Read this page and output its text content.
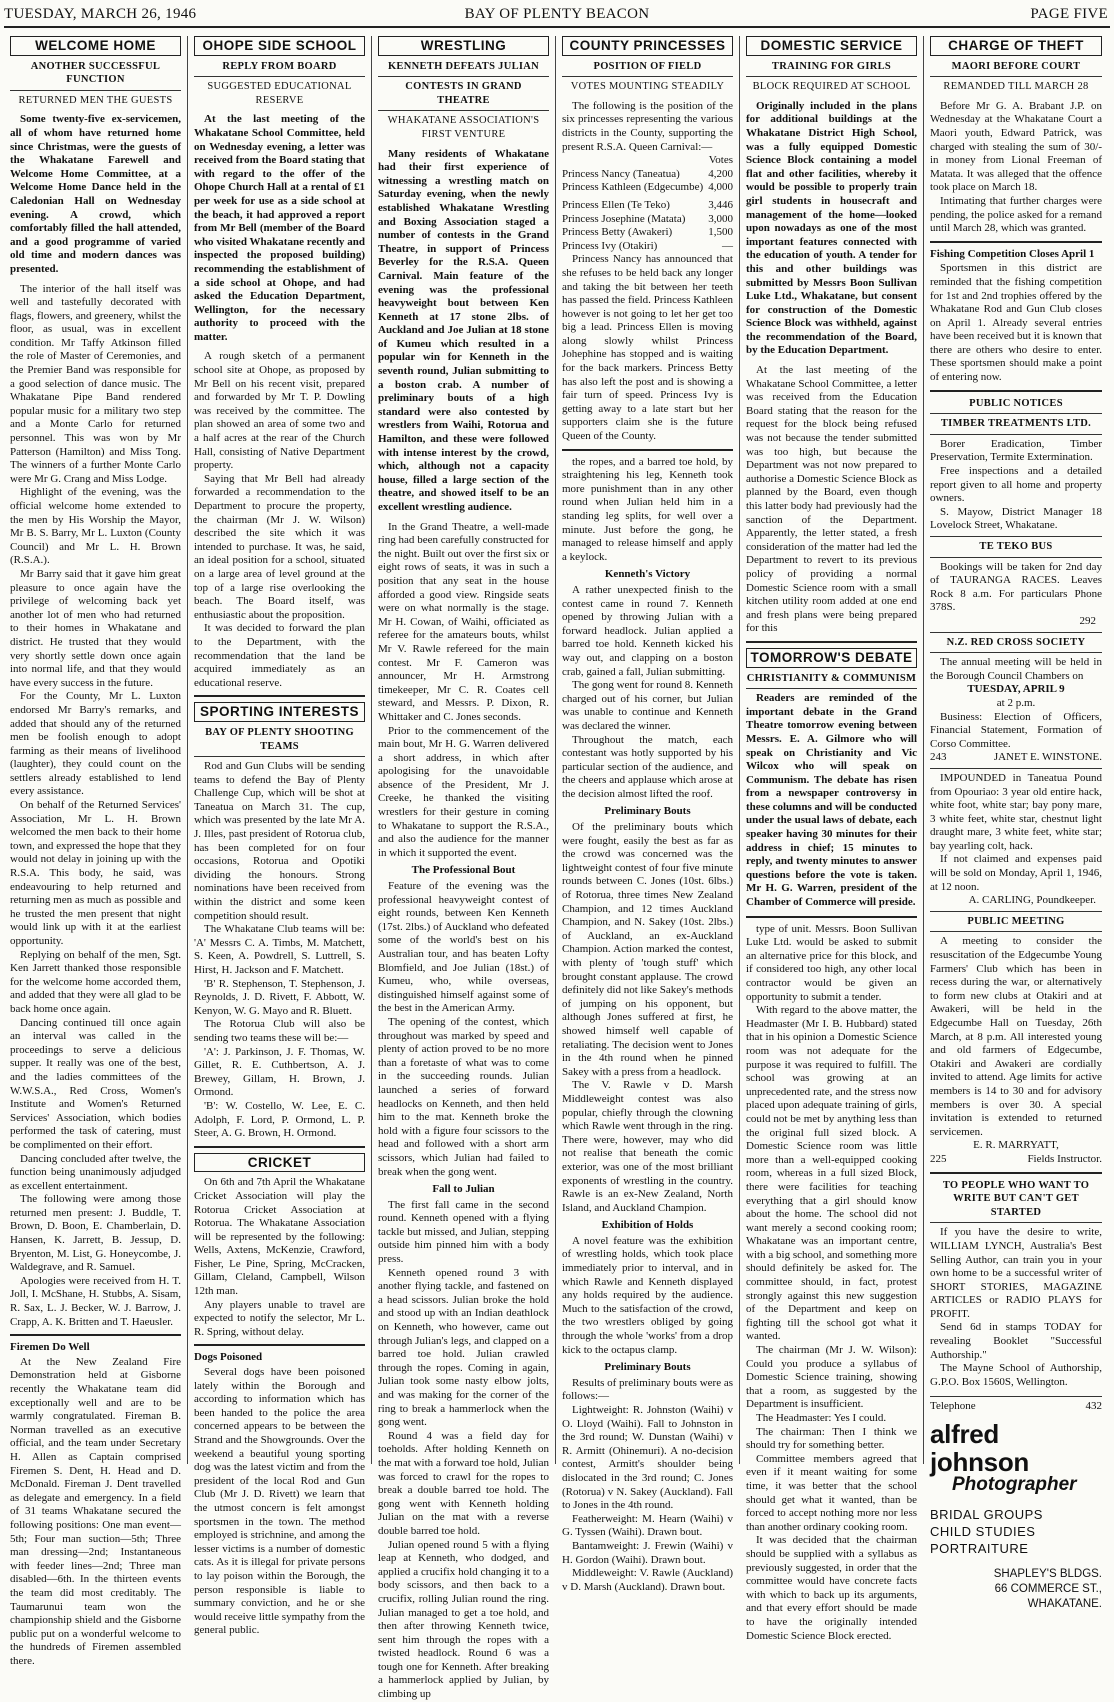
TUESDAY, MARCH 26, 1946	BAY OF PLENTY BEACON	PAGE FIVE
WELCOME HOME
ANOTHER SUCCESSFUL FUNCTION
RETURNED MEN THE GUESTS
Some twenty-five ex-servicemen, all of whom have returned home since Christmas, were the guests of the Whakatane Farewell and Welcome Home Committee, at a Welcome Home Dance held in the Caledonian Hall on Wednesday evening. A crowd, which comfortably filled the hall attended, and a good programme of varied old time and modern dances was presented.

The interior of the hall itself was well and tastefully decorated with flags, flowers, and greenery, whilst the floor, as usual, was in excellent condition. Mr Taffy Atkinson filled the role of Master of Ceremonies, and the Premier Band was responsible for a good selection of dance music. The Whakatane Pipe Band rendered popular music for a military two step and a Monte Carlo for returned personnel. This was won by Mr Patterson (Hamilton) and Miss Tong. The winners of a further Monte Carlo were Mr G. Crang and Miss Lodge.

Highlight of the evening, was the official welcome home extended to the men by His Worship the Mayor, Mr B. S. Barry, Mr L. Luxton (County Council) and Mr L. H. Brown (R.S.A.).

Mr Barry said that it gave him great pleasure to once again have the privilege of welcoming back yet another lot of men who had returned to their homes in Whakatane and district. He trusted that they would very shortly settle down once again into normal life, and that they would have every success in the future.

For the County, Mr L. Luxton endorsed Mr Barry's remarks, and added that should any of the returned men be foolish enough to adopt farming as their means of livelihood (laughter), they could count on the settlers already established to lend every assistance.

On behalf of the Returned Services' Association, Mr L. H. Brown welcomed the men back to their home town, and expressed the hope that they would not delay in joining up with the R.S.A. This body, he said, was endeavouring to help returned and returning men as much as possible and he trusted the men present that night would link up with it at the earliest opportunity.

Replying on behalf of the men, Sgt. Ken Jarrett thanked those responsible for the welcome home accorded them, and added that they were all glad to be back home once again.

Dancing continued till once again an interval was called in the proceedings to serve a delicious supper. It really was one of the best, and the ladies committees of the W.W.S.A., Red Cross, Women's Institute and Women's Returned Services' Association, which bodies performed the task of catering, must be complimented on their effort.

Dancing concluded after twelve, the function being unanimously adjudged as excellent entertainment.

The following were among those returned men present: J. Buddle, T. Brown, D. Boon, E. Chamberlain, D. Hansen, K. Jarrett, B. Jessup, D. Bryenton, M. List, G. Honeycombe, J. Waldegrave, and R. Samuel.

Apologies were received from H. T. Joll, I. McShane, H. Stubbs, A. Sisam, R. Sax, L. J. Becker, W. J. Barrow, J. Crapp, A. K. Britten and T. Haeusler.

Firemen Do Well

At the New Zealand Fire Demonstration held at Gisborne recently the Whakatane team did exceptionally well and are to be warmly congratulated. Fireman B. Norman travelled as an executive official, and the team under Secretary H. Allen as Captain comprised Firemen S. Dent, H. Head and D. McDonald. Fireman J. Dent travelled as delegate and emergency. In a field of 31 teams Whakatane secured the following positions: One man event—5th; Four man suction—5th; Three man dressing—2nd; Instantaneous with feeder lines—2nd; Three man disabled—6th. In the thirteen events the team did most creditably. The Taumarunui team won the championship shield and the Gisborne public put on a wonderful welcome to the hundreds of Firemen assembled there.

OHOPE SIDE SCHOOL
REPLY FROM BOARD
SUGGESTED EDUCATIONAL RESERVE
At the last meeting of the Whakatane School Committee, held on Wednesday evening, a letter was received from the Board stating that with regard to the offer of the Ohope Church Hall at a rental of £1 per week for use as a side school at the beach, it had approved a report from Mr Bell (member of the Board who visited Whakatane recently and inspected the proposed building) recommending the establishment of a side school at Ohope, and had asked the Education Department, Wellington, for the necessary authority to proceed with the matter.

A rough sketch of a permanent school site at Ohope, as proposed by Mr Bell on his recent visit, prepared and forwarded by Mr T. P. Dowling was received by the committee. The plan showed an area of some two and a half acres at the rear of the Church Hall, consisting of Native Department property.

Saying that Mr Bell had already forwarded a recommendation to the Department to procure the property, the chairman (Mr J. W. Wilson) described the site which it was intended to purchase. It was, he said, an ideal position for a school, situated on a large area of level ground at the top of a large rise overlooking the beach. The Board itself, was enthusiastic about the proposition.

It was decided to forward the plan to the Department, with the recommendation that the land be acquired immediately as an educational reserve.

SPORTING INTERESTS
BAY OF PLENTY SHOOTING TEAMS

Rod and Gun Clubs will be sending teams to defend the Bay of Plenty Challenge Cup, which will be shot at Taneatua on March 31. The cup, which was presented by the late Mr A. J. Illes, past president of Rotorua club, has been completed for on four occasions, Rotorua and Opotiki dividing the honours. Strong nominations have been received from within the district and some keen competition should result.

The Whakatane Club teams will be: 'A' Messrs C. A. Timbs, M. Matchett, S. Keen, A. Powdrell, S. Luttrell, S. Hirst, H. Jackson and F. Matchett.

'B' R. Stephenson, T. Stephenson, J. Reynolds, J. D. Rivett, F. Abbott, W. Kenyon, W. G. Mayo and R. Bluett.

The Rotorua Club will also be sending two teams these will be:—

'A': J. Parkinson, J. F. Thomas, W. Gillet, R. E. Cuthbertson, A. J. Brewey, Gillam, H. Brown, J. Ormond.

'B': W. Costello, W. Lee, E. C. Adolph, F. Lord, P. Ormond, L. P. Steer, A. G. Brown, H. Ormond.

CRICKET

On 6th and 7th April the Whakatane Cricket Association will play the Rotorua Cricket Association at Rotorua. The Whakatane Association will be represented by the following: Wells, Axtens, McKenzie, Crawford, Fisher, Le Pine, Spring, McCracken, Gillam, Cleland, Campbell, Wilson 12th man.

Any players unable to travel are expected to notify the selector, Mr L. R. Spring, without delay.

Dogs Poisoned

Several dogs have been poisoned lately within the Borough and according to information which has been handed to the police the area concerned appears to be between the Strand and the Showgrounds. Over the weekend a beautiful young sporting dog was the latest victim and from the president of the local Rod and Gun Club (Mr J. D. Rivett) we learn that the utmost concern is felt amongst sportsmen in the town. The method employed is strichnine, and among the lesser victims is a number of domestic cats. As it is illegal for private persons to lay poison within the Borough, the person responsible is liable to summary conviction, and he or she would receive little sympathy from the general public.

WRESTLING
KENNETH DEFEATS JULIAN
CONTESTS IN GRAND THEATRE
WHAKATANE ASSOCIATION'S FIRST VENTURE
Many residents of Whakatane had their first experience of witnessing a wrestling match on Saturday evening, when the newly established Whakatane Wrestling and Boxing Association staged a number of contests in the Grand Theatre, in support of Princess Beverley for the R.S.A. Queen Carnival. Main feature of the evening was the professional heavyweight bout between Ken Kenneth at 17 stone 2lbs. of Auckland and Joe Julian at 18 stone of Kumeu which resulted in a popular win for Kenneth in the seventh round, Julian submitting to a boston crab. A number of preliminary bouts of a high standard were also contested by wrestlers from Waihi, Rotorua and Hamilton, and these were followed with intense interest by the crowd, which, although not a capacity house, filled a large section of the theatre, and showed itself to be an excellent wrestling audience.

In the Grand Theatre, a well-made ring had been carefully constructed for the night. Built out over the first six or eight rows of seats, it was in such a position that any seat in the house afforded a good view. Ringside seats were on what normally is the stage. Mr H. Cowan, of Waihi, officiated as referee for the amateurs bouts, whilst Mr V. Rawle refereed for the main contest. Mr F. Cameron was announcer, Mr H. Armstrong timekeeper, Mr C. R. Coates cell steward, and Messrs. P. Dixon, R. Whittaker and C. Jones seconds.

Prior to the commencement of the main bout, Mr H. G. Warren delivered a short address, in which after apologising for the unavoidable absence of the President, Mr J. Creeke, he thanked the visiting wrestlers for their gesture in coming to Whakatane to support the R.S.A., and also the audience for the manner in which it supported the event.

The Professional Bout

Feature of the evening was the professional heavyweight contest of eight rounds, between Ken Kenneth (17st. 2lbs.) of Auckland who defeated some of the world's best on his Australian tour, and has beaten Lofty Blomfield, and Joe Julian (18st.) of Kumeu, who, while overseas, distinguished himself against some of the best in the American Army.

The opening of the contest, which throughout was marked by speed and plenty of action proved to be no more than a foretaste of what was to come in the succeeding rounds. Julian launched a series of forward headlocks on Kenneth, and then held him to the mat. Kenneth broke the hold with a figure four scissors to the head and followed with a short arm scissors, which Julian had failed to break when the gong went.

Fall to Julian

The first fall came in the second round. Kenneth opened with a flying tackle but missed, and Julian, stepping outside him pinned him with a body press.

Kenneth opened round 3 with another flying tackle, and fastened on a head scissors. Julian broke the hold and stood up with an Indian deathlock on Kenneth, who however, came out through Julian's legs, and clapped on a barred toe hold. Julian crawled through the ropes. Coming in again, Julian took some nasty elbow jolts, and was making for the corner of the ring to break a hammerlock when the gong went.

Round 4 was a field day for toeholds. After holding Kenneth on the mat with a forward toe hold, Julian was forced to crawl for the ropes to break a double barred toe hold. The gong went with Kenneth holding Julian on the mat with a reverse double barred toe hold.

Julian opened round 5 with a flying leap at Kenneth, who dodged, and applied a crucifix hold changing it to a body scissors, and then back to a crucifix, rolling Julian round the ring. Julian managed to get a toe hold, and then after throwing Kenneth twice, sent him through the ropes with a twisted headlock. Round 6 was a tough one for Kenneth. After breaking a hammerlock applied by Julian, by climbing up

COUNTY PRINCESSES
POSITION OF FIELD
VOTES MOUNTING STEADILY

The following is the position of the six princesses representing the various districts in the County, supporting the present R.S.A. Queen Carnival:—

Votes
Princess Nancy (Taneatua)	4,200
Princess Kathleen (Edgecumbe) 4,000
Princess Ellen (Te Teko)	3,446
Princess Josephine (Matata) 3,000
Princess Betty (Awakeri)	1,500
Princess Ivy (Otakiri)	—

Princess Nancy has announced that she refuses to be held back any longer and taking the bit between her teeth has passed the field. Princess Kathleen however is not going to let her get too big a lead. Princess Ellen is moving along slowly whilst Princess Johephine has stopped and is waiting for the back markers. Princess Betty has also left the post and is showing a fair turn of speed. Princess Ivy is getting away to a late start but her supporters claim she is the future Queen of the County.

the ropes, and a barred toe hold, by straightening his leg, Kenneth took more punishment than in any other round when Julian held him in a standing leg splits, for well over a minute. Just before the gong, he managed to release himself and apply a keylock.

Kenneth's Victory

A rather unexpected finish to the contest came in round 7. Kenneth opened by throwing Julian with a forward headlock. Julian applied a barred toe hold. Kenneth kicked his way out, and clapping on a boston crab, gained a fall, Julian submitting.

The gong went for round 8. Kenneth charged out of his corner, but Julian was unable to continue and Kenneth was declared the winner.

Throughout the match, each contestant was hotly supported by his particular section of the audience, and the cheers and applause which arose at the decision almost lifted the roof.

Preliminary Bouts

Of the preliminary bouts which were fought, easily the best as far as the crowd was concerned was the lightweight contest of four five minute rounds between C. Jones (10st. 6lbs.) of Rotorua, three times New Zealand Champion, and 12 times Auckland Champion, and N. Sakey (10st. 2lbs.) of Auckland, an ex-Auckland Champion. Action marked the contest, with plenty of 'tough stuff' which brought constant applause. The crowd definitely did not like Sakey's methods of jumping on his opponent, but although Jones suffered at first, he showed himself well capable of retaliating. The decision went to Jones in the 4th round when he pinned Sakey with a press from a headlock.

The V. Rawle v D. Marsh Middleweight contest was also popular, chiefly through the clowning which Rawle went through in the ring. There were, however, may who did not realise that beneath the comic exterior, was one of the most brilliant exponents of wrestling in the country. Rawle is an ex-New Zealand, North Island, and Auckland Champion.

Exhibition of Holds

A novel feature was the exhibition of wrestling holds, which took place immediately prior to interval, and in which Rawle and Kenneth displayed any holds required by the audience. Much to the satisfaction of the crowd, the two wrestlers obliged by going through the whole 'works' from a drop kick to the octapus clamp.

Preliminary Bouts

Results of preliminary bouts were as follows:—

Lightweight: R. Johnston (Waihi) v O. Lloyd (Waihi). Fall to Johnston in the 3rd round; W. Dunstan (Waihi) v R. Armitt (Ohinemuri). A no-decision contest, Armitt's shoulder being dislocated in the 3rd round; C. Jones (Rotorua) v N. Sakey (Auckland). Fall to Jones in the 4th round.

Featherweight: M. Hearn (Waihi) v G. Tyssen (Waihi). Drawn bout.

Bantamweight: J. Frewin (Waihi) v H. Gordon (Waihi). Drawn bout.

Middleweight: V. Rawle (Auckland) v D. Marsh (Auckland). Drawn bout.

DOMESTIC SERVICE
TRAINING FOR GIRLS
BLOCK REQUIRED AT SCHOOL
Originally included in the plans for additional buildings at the Whakatane District High School, was a fully equipped Domestic Science Block containing a model flat and other facilities, whereby it would be possible to properly train girl students in housecraft and management of the home—looked upon nowadays as one of the most important features connected with the education of youth. A tender for this and other buildings was submitted by Messrs Boon Sullivan Luke Ltd., Whakatane, but consent for construction of the Domestic Science Block was withheld, against the recommendation of the Board, by the Education Department.

At the last meeting of the Whakatane School Committee, a letter was received from the Education Board stating that the reason for the request for the block being refused was not because the tender submitted was too high, but because the Department was not now prepared to authorise a Domestic Science Block as planned by the Board, even though this latter body had previously had the sanction of the Department. Apparently, the letter stated, a fresh consideration of the matter had led the Department to revert to its previous policy of providing a normal Domestic Science room with a small kitchen utility room added at one end and fresh plans were being prepared for this

TOMORROW'S DEBATE
CHRISTIANITY & COMMUNISM
Readers are reminded of the important debate in the Grand Theatre tomorrow evening between Messrs. E. A. Gilmore who will speak on Christianity and Vic Wilcox who will speak on Communism. The debate has risen from a newspaper controversy in these columns and will be conducted under the usual laws of debate, each speaker having 30 minutes for their address in chief; 15 minutes to reply, and twenty minutes to answer questions before the vote is taken. Mr H. G. Warren, president of the Chamber of Commerce will preside.

type of unit. Messrs. Boon Sullivan Luke Ltd. would be asked to submit an alternative price for this block, and if considered too high, any other local contractor would be given an opportunity to submit a tender.

With regard to the above matter, the Headmaster (Mr I. B. Hubbard) stated that in his opinion a Domestic Science room was not adequate for the purpose it was required to fulfill. The school was growing at an unprecedented rate, and the stress now placed upon adequate training of girls, could not be met by anything less than the original full sized block. A Domestic Science room was little more than a well-equipped cooking room, whereas in a full sized Block, there were facilities for teaching everything that a girl should know about the home. The school did not want merely a second cooking room; Whakatane was an important centre, with a big school, and something more should definitely be asked for. The committee should, in fact, protest strongly against this new suggestion of the Department and keep on fighting till the school got what it wanted.

The chairman (Mr J. W. Wilson): Could you produce a syllabus of Domestic Science training, showing that a room, as suggested by the Department is insufficient.

The Headmaster: Yes I could.

The chairman: Then I think we should try for something better.

Committee members agreed that even if it meant waiting for some time, it was better that the school should get what it wanted, than be forced to accept nothing more nor less than another ordinary cooking room.

It was decided that the chairman should be supplied with a syllabus as previously suggested, in order that the committee would have concrete facts with which to back up its arguments, and that every effort should be made to have the originally intended Domestic Science Block erected.

CHARGE OF THEFT
MAORI BEFORE COURT
REMANDED TILL MARCH 28

Before Mr G. A. Brabant J.P. on Wednesday at the Whakatane Court a Maori youth, Edward Patrick, was charged with stealing the sum of 30/- in money from Lional Freeman of Matata. It was alleged that the offence took place on March 18.

Intimating that further charges were pending, the police asked for a remand until March 28, which was granted.

Fishing Competition Closes April 1

Sportsmen in this district are reminded that the fishing competition for 1st and 2nd trophies offered by the Whakatane Rod and Gun Club closes on April 1. Already several entries have been received but it is known that there are others who desire to enter. These sportsmen should make a point of entering now.

PUBLIC NOTICES
TIMBER TREATMENTS LTD.

Borer Eradication, Timber Preservation, Termite Extermination.

Free inspections and a detailed report given to all home and property owners.

S. Mayow, District Manager 18 Lovelock Street, Whakatane.

TE TEKO BUS

Bookings will be taken for 2nd day of TAURANGA RACES. Leaves Rock 8 a.m. For particulars Phone 378S.

292
N.Z. RED CROSS SOCIETY

The annual meeting will be held in the Borough Council Chambers on

TUESDAY, APRIL 9
at 2 p.m.

Business: Election of Officers, Financial Statement, Formation of Corso Committee.

243	JANET E. WINSTONE.

IMPOUNDED in Taneatua Pound from Opouriao: 3 year old entire hack, white foot, white star; bay pony mare, 3 white feet, white star, chestnut light draught mare, 3 white feet, white star; bay yearling colt, hack.

If not claimed and expenses paid will be sold on Monday, April 1, 1946, at 12 noon.

A. CARLING, Poundkeeper.
PUBLIC MEETING

A meeting to consider the resuscitation of the Edgecumbe Young Farmers' Club which has been in recess during the war, or alternatively to form new clubs at Otakiri and at Awakeri, will be held in the Edgecumbe Hall on Tuesday, 26th March, at 8 p.m. All interested young and old farmers of Edgecumbe, Otakiri and Awakeri are cordially invited to attend. Age limits for active members is 14 to 30 and for advisory members is over 30. A special invitation is extended to returned servicemen.

E. R. MARRYATT,
225	Fields Instructor.
TO PEOPLE WHO WANT TO WRITE BUT CAN'T GET STARTED

If you have the desire to write, WILLIAM LYNCH, Australia's Best Selling Author, can train you in your own home to be a successful writer of SHORT STORIES, MAGAZINE ARTICLES or RADIO PLAYS for PROFIT.

Send 6d in stamps TODAY for revealing Booklet "Successful Authorship."

The Mayne School of Authorship, G.P.O. Box 1560S, Wellington.

Telephone	432
alfred johnson
Photographer
BRIDAL GROUPS
CHILD STUDIES
PORTRAITURE
SHAPLEY'S BLDGS.
66 COMMERCE ST.,
WHAKATANE.
